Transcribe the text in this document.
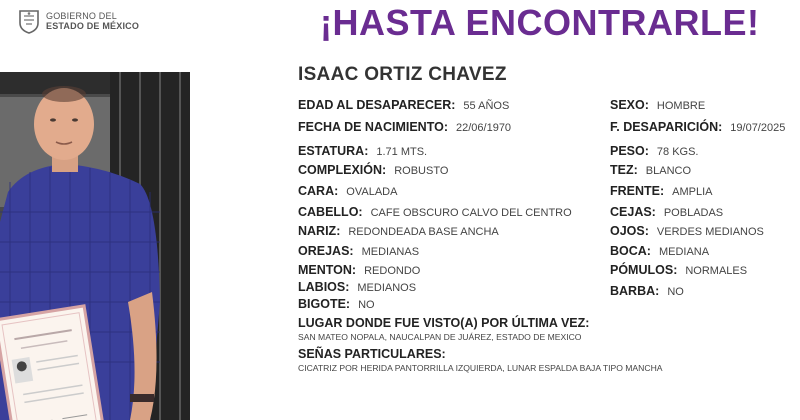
GOBIERNO DEL
ESTADO DE MÉXICO	¡HASTA ENCONTRARLE!
ISAAC ORTIZ CHAVEZ
EDAD AL DESAPARECER: 55 AÑOS
FECHA DE NACIMIENTO: 22/06/1970
ESTATURA: 1.71 MTS.
COMPLEXIÓN: ROBUSTO
CARA: OVALADA
CABELLO: CAFE OBSCURO CALVO DEL CENTRO
NARIZ: REDONDEADA BASE ANCHA
OREJAS: MEDIANAS
MENTON: REDONDO
LABIOS: MEDIANOS
BIGOTE: NO
SEXO: HOMBRE
F. DESAPARICIÓN: 19/07/2025
PESO: 78 KGS.
TEZ: BLANCO
FRENTE: AMPLIA
CEJAS: POBLADAS
OJOS: VERDES MEDIANOS
BOCA: MEDIANA
PÓMULOS: NORMALES
BARBA: NO
LUGAR DONDE FUE VISTO(A) POR ÚLTIMA VEZ:
SAN MATEO NOPALA, NAUCALPAN DE JUÁREZ, ESTADO DE MEXICO
SEÑAS PARTICULARES:
CICATRIZ POR HERIDA PANTORRILLA IZQUIERDA, LUNAR ESPALDA BAJA TIPO MANCHA
